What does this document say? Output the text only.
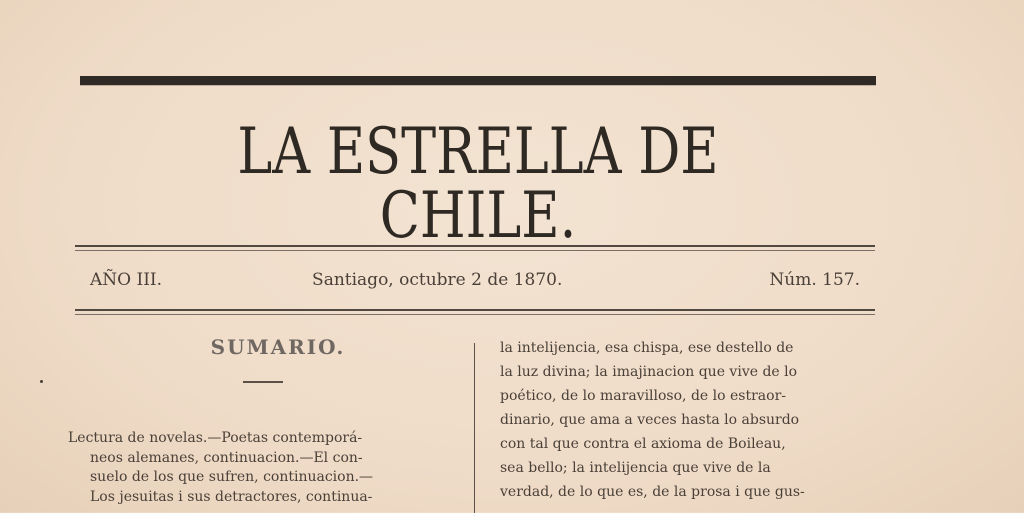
LA ESTRELLA DE CHILE.
AÑO III.	Santiago, octubre 2 de 1870.	Núm. 157.
SUMARIO.

Lectura de novelas.—Poetas contemporá-

neos alemanes, continuacion.—El con-

suelo de los que sufren, continuacion.—

Los jesuitas i sus detractores, continua-

la intelijencia, esa chispa, ese destello de

la luz divina; la imajinacion que vive de lo

poético, de lo maravilloso, de lo estraor-

dinario, que ama a veces hasta lo absurdo

con tal que contra el axioma de Boileau,

sea bello; la intelijencia que vive de la

verdad, de lo que es, de la prosa i que gus-
